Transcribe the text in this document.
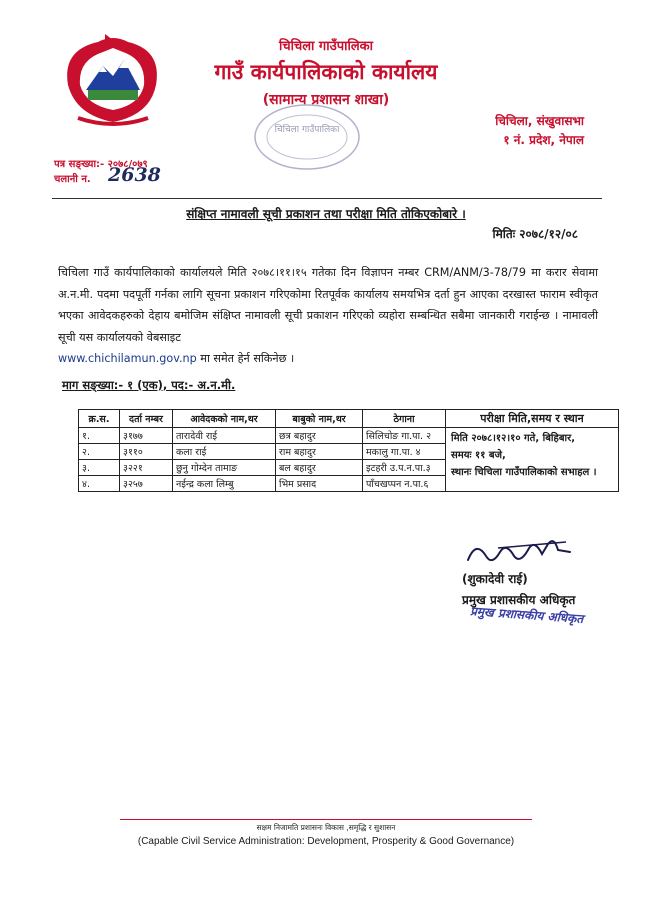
चिचिला गाउँपालिका
गाउँ कार्यपालिकाको कार्यालय
(सामान्य प्रशासन शाखा)
चिचिला, संखुवासभा
१ नं. प्रदेश, नेपाल
चिचिला गाउँपालिका
पत्र सङ्ख्या:- २०७८/०७९
चलानी न. 2638
संक्षिप्त नामावली सूची प्रकाशन तथा परीक्षा मिति तोकिएकोबारे ।
मितिः २०७८/१२/०८
चिचिला गाउँ कार्यपालिकाको कार्यालयले मिति २०७८।११।१५ गतेका दिन विज्ञापन नम्बर CRM/ANM/3-78/79 मा करार सेवामा अ.न.मी. पदमा पदपूर्ती गर्नका लागि सूचना प्रकाशन गरिएकोमा रितपूर्वक कार्यालय समयभित्र दर्ता हुन आएका दरखास्त फाराम स्वीकृत भएका आवेदकहरुको देहाय बमोजिम संक्षिप्त नामावली सूची प्रकाशन गरिएको व्यहोरा सम्बन्धित सबैमा जानकारी गराईन्छ । नामावली सूची यस कार्यालयको वेबसाइट
www.chichilamun.gov.np मा समेत हेर्न सकिनेछ ।
माग सङ्ख्या:- १ (एक), पद:- अ.न.मी.
क्र.स.	दर्ता नम्बर	आवेदकको नाम,थर	बाबुको नाम,थर	ठेगाना	परीक्षा मिति,समय र स्थान
१.	३१७७	तारादेवी राई	छत्र बहादुर	सिलिचोङ गा.पा. २	मिति २०७८।१२।१० गते, बिहिबार,
समयः ११ बजे,
स्थानः चिचिला गाउँपालिकाको सभाहल ।

२.	३११०	कला राई	राम बहादुर	मकालु गा.पा. ४	
३.	३२२१	छुनु गोम्देन तामाङ	बल बहादुर	इटहरी उ.प.न.पा.३	
४.	३२५७	नईन्द्र कला लिम्बु	भिम प्रसाद	पाँचखप्पन न.पा.६	
(शुकादेवी राई)
प्रमुख प्रशासकीय अधिकृत
प्रमुख प्रशासकीय अधिकृत
सक्षम निजामति प्रशासनः विकास ,समृद्धि र सुशासन
(Capable Civil Service Administration: Development, Prosperity & Good Governance)
